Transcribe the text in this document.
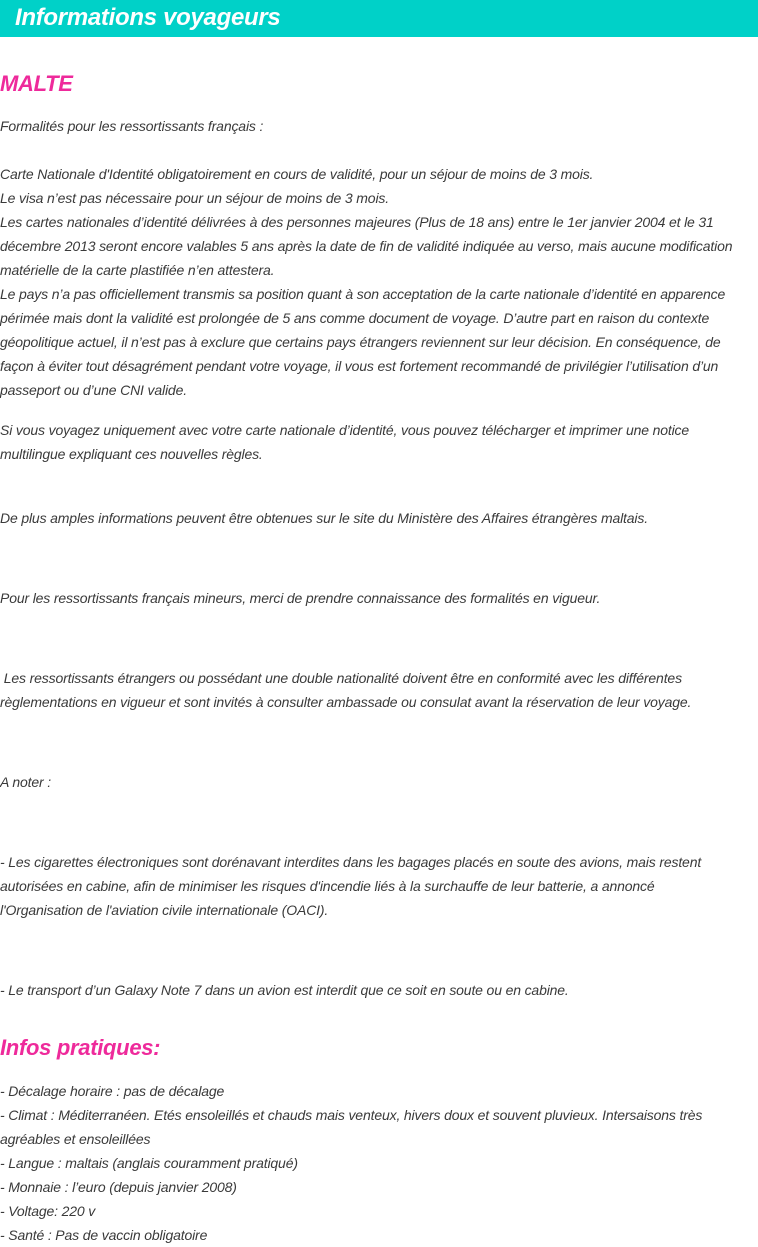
Informations voyageurs
MALTE

Formalités pour les ressortissants français :

Carte Nationale d'Identité obligatoirement en cours de validité, pour un séjour de moins de 3 mois.
Le visa n’est pas nécessaire pour un séjour de moins de 3 mois.
Les cartes nationales d’identité délivrées à des personnes majeures (Plus de 18 ans) entre le 1er janvier 2004 et le 31
décembre 2013 seront encore valables 5 ans après la date de fin de validité indiquée au verso, mais aucune modification
matérielle de la carte plastifiée n’en attestera.
Le pays n’a pas officiellement transmis sa position quant à son acceptation de la carte nationale d’identité en apparence
périmée mais dont la validité est prolongée de 5 ans comme document de voyage. D’autre part en raison du contexte
géopolitique actuel, il n’est pas à exclure que certains pays étrangers reviennent sur leur décision. En conséquence, de
façon à éviter tout désagrément pendant votre voyage, il vous est fortement recommandé de privilégier l’utilisation d’un
passeport ou d’une CNI valide.

Si vous voyagez uniquement avec votre carte nationale d’identité, vous pouvez télécharger et imprimer une notice
multilingue expliquant ces nouvelles règles.

De plus amples informations peuvent être obtenues sur le site du Ministère des Affaires étrangères maltais.

Pour les ressortissants français mineurs, merci de prendre connaissance des formalités en vigueur.

Les ressortissants étrangers ou possédant une double nationalité doivent être en conformité avec les différentes
règlementations en vigueur et sont invités à consulter ambassade ou consulat avant la réservation de leur voyage.

A noter :

- Les cigarettes électroniques sont dorénavant interdites dans les bagages placés en soute des avions, mais restent
autorisées en cabine, afin de minimiser les risques d'incendie liés à la surchauffe de leur batterie, a annoncé
l'Organisation de l'aviation civile internationale (OACI).

- Le transport d’un Galaxy Note 7 dans un avion est interdit que ce soit en soute ou en cabine.

Infos pratiques:

- Décalage horaire : pas de décalage
- Climat : Méditerranéen. Etés ensoleillés et chauds mais venteux, hivers doux et souvent pluvieux. Intersaisons très
agréables et ensoleillées
- Langue : maltais (anglais couramment pratiqué)
- Monnaie : l’euro (depuis janvier 2008)
- Voltage: 220 v
- Santé : Pas de vaccin obligatoire
